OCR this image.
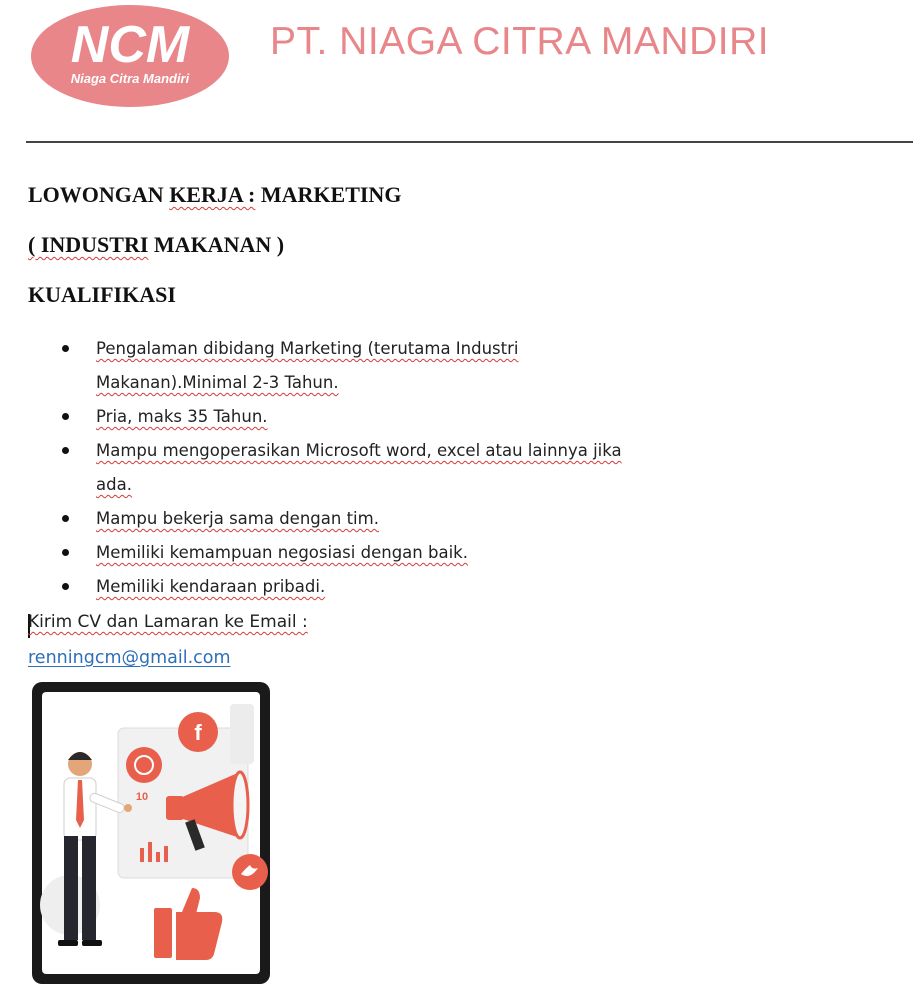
NCM
Niaga Citra Mandiri
PT. NIAGA CITRA MANDIRI
LOWONGAN KERJA : MARKETING
( INDUSTRI MAKANAN )
KUALIFIKASI
Pengalaman dibidang Marketing (terutama Industri Makanan).Minimal 2-3 Tahun.
Pria, maks 35 Tahun.
Mampu mengoperasikan Microsoft word, excel atau lainnya jika ada.
Mampu bekerja sama dengan tim.
Memiliki kemampuan negosiasi dengan baik.
Memiliki kendaraan pribadi.
Kirim CV dan Lamaran ke Email :
renningcm@gmail.com
f
10
